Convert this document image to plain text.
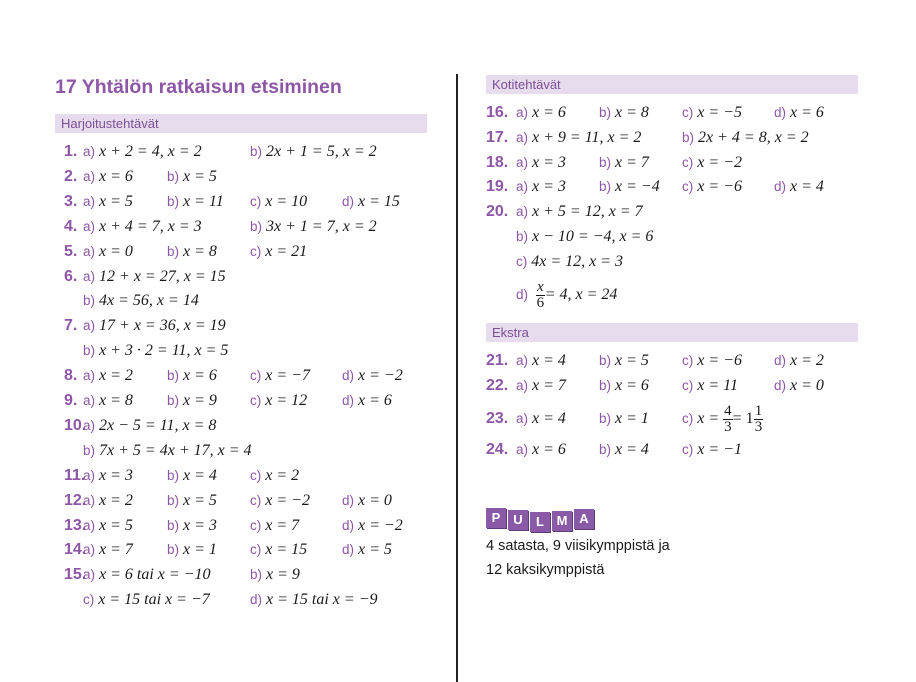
17 Yhtälön ratkaisun etsiminen
Harjoitustehtävät
Kotitehtävät
Ekstra
1. a) x + 2 = 4, x = 2	b) 2x + 1 = 5, x = 2
2. a) x = 6	b) x = 5
3. a) x = 5	b) x = 11 c) x = 10	d) x = 15
4. a) x + 4 = 7, x = 3	b) 3x + 1 = 7, x = 2
5. a) x = 0	b) x = 8 c) x = 21
6. a) 12 + x = 27, x = 15
b) 4x = 56, x = 14
7. a) 17 + x = 36, x = 19
b) x + 3 · 2 = 11, x = 5
8. a) x = 2	b) x = 6 c) x = −7 d) x = −2
9. a) x = 8	b) x = 9 c) x = 12	d) x = 6
10.
a) 2x − 5 = 11, x = 8
b) 7x + 5 = 4x + 17, x = 4
11.
a) x = 3	b) x = 4 c) x = 2
12.
a) x = 2	b) x = 5 c) x = −2 d) x = 0
13.
a) x = 5	b) x = 3 c) x = 7	d) x = −2
14.
a) x = 7	b) x = 1 c) x = 15	d) x = 5
15.
a) x = 6 tai x = −10	b) x = 9
c) x = 15 tai x = −7	d) x = 15 tai x = −9
16. a) x = 6 b) x = 8 c) x = −5 d) x = 6
17. a) x + 9 = 11, x = 2	b) 2x + 4 = 8, x = 2
18. a) x = 3 b) x = 7 c) x = −2
19. a) x = 3 b) x = −4 c) x = −6 d) x = 4
20. a) x + 5 = 12, x = 7
b) x − 10 = −4, x = 6
c) 4x = 12, x = 3
$d) \frac{x}{6} = 4$, x = 24
21. a) x = 4 b) x = 5 c) x = −6 d) x = 2
22. a) x = 7 b) x = 6 c) x = 11	d) x = 0
23. a) x = 4 b) x = 1 c) $x = \frac{4}{3} = 1 \frac{1}{3}$
24. a) x = 6 b) x = 4 c) x = −1
P U	L M A
4 satasta, 9 viisikymppistä ja
12 kaksikymppistä
